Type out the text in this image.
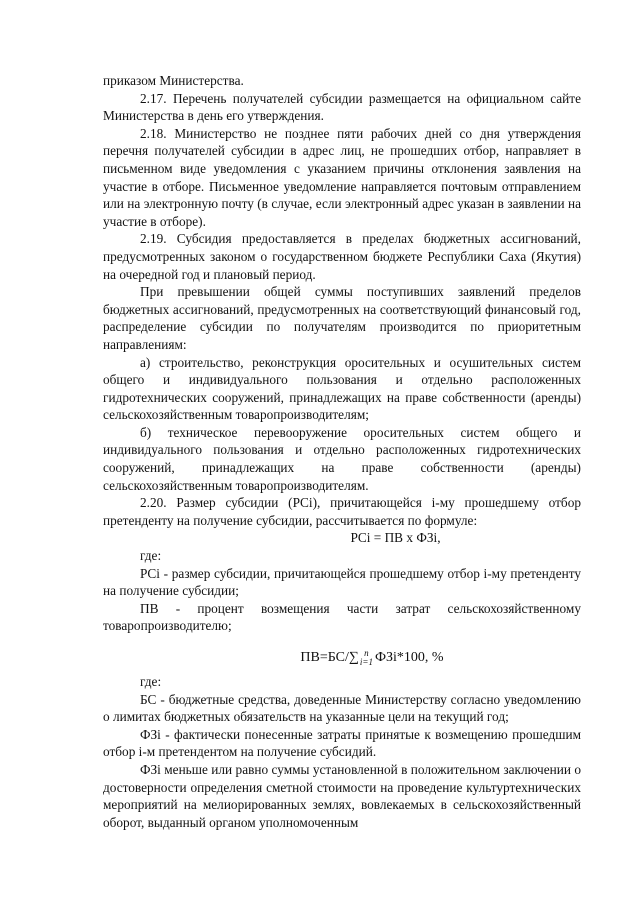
приказом Министерства.

2.17. Перечень получателей субсидии размещается на официальном сайте Министерства в день его утверждения.

2.18. Министерство не позднее пяти рабочих дней со дня утверждения перечня получателей субсидии в адрес лиц, не прошедших отбор, направляет в письменном виде уведомления с указанием причины отклонения заявления на участие в отборе. Письменное уведомление направляется почтовым отправлением или на электронную почту (в случае, если электронный адрес указан в заявлении на участие в отборе).

2.19. Субсидия предоставляется в пределах бюджетных ассигнований, предусмотренных законом о государственном бюджете Республики Саха (Якутия) на очередной год и плановый период.

При превышении общей суммы поступивших заявлений пределов бюджетных ассигнований, предусмотренных на соответствующий финансовый год, распределение субсидии по получателям производится по приоритетным направлениям:

а) строительство, реконструкция оросительных и осушительных систем общего и индивидуального пользования и отдельно расположенных гидротехнических сооружений, принадлежащих на праве собственности (аренды) сельскохозяйственным товаропроизводителям;

б) техническое перевооружение оросительных систем общего и индивидуального пользования и отдельно расположенных гидротехнических сооружений, принадлежащих на праве собственности (аренды) сельскохозяйственным товаропроизводителям.

2.20. Размер субсидии (PCi), причитающейся i-му прошедшему отбор претенденту на получение субсидии, рассчитывается по формуле:

PCi = ПВ х ФЗi,

где:

PCi - размер субсидии, причитающейся прошедшему отбор i-му претенденту на получение субсидии;

ПВ - процент возмещения части затрат сельскохозяйственному товаропроизводителю;

ПВ=БС/∑ n
i=1 ФЗi*100, %

где:

БС - бюджетные средства, доведенные Министерству согласно уведомлению о лимитах бюджетных обязательств на указанные цели на текущий год;

ФЗi - фактически понесенные затраты принятые к возмещению прошедшим отбор i-м претендентом на получение субсидий.

ФЗi меньше или равно суммы установленной в положительном заключении о достоверности определения сметной стоимости на проведение культуртехнических мероприятий на мелиорированных землях, вовлекаемых в сельскохозяйственный оборот, выданный органом уполномоченным
